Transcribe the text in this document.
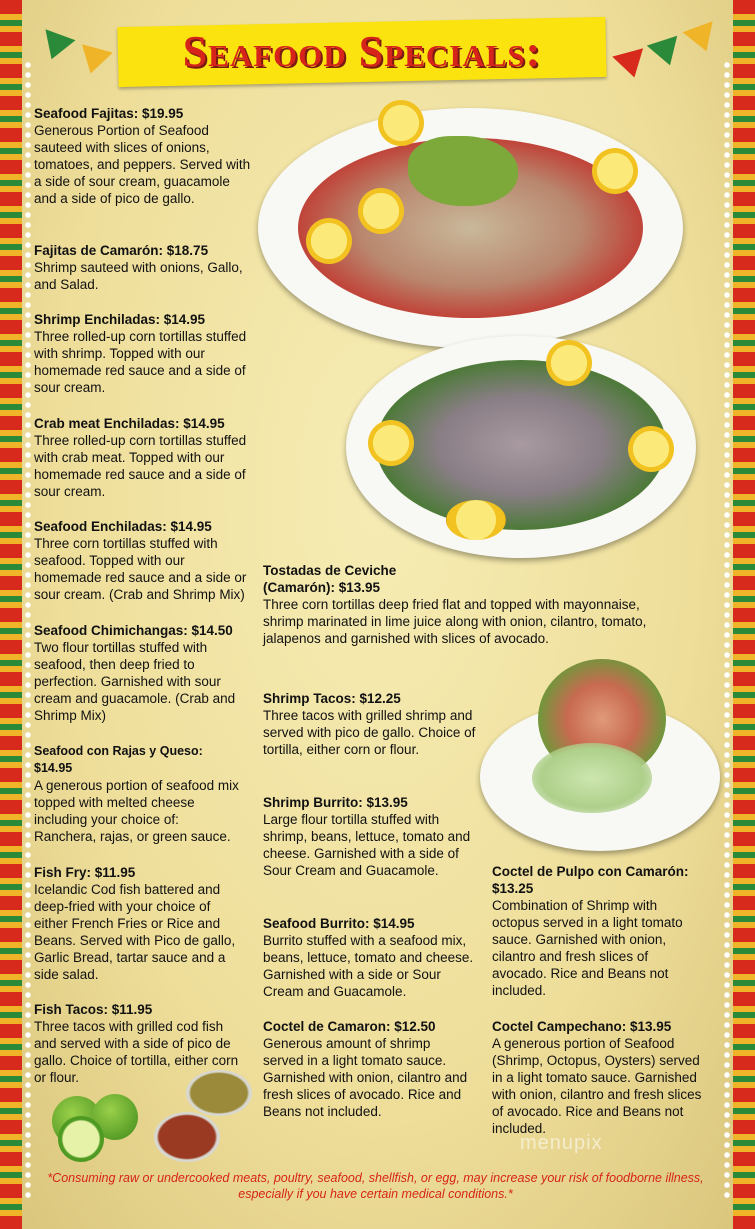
Seafood Specials:
Seafood Fajitas: $19.95
Generous Portion of Seafood sauteed with slices of onions, tomatoes, and peppers. Served with a side of sour cream, guacamole and a side of pico de gallo.
Fajitas de Camarón: $18.75
Shrimp sauteed with onions, Gallo, and Salad.
Shrimp Enchiladas: $14.95
Three rolled-up corn tortillas stuffed with shrimp. Topped with our homemade red sauce and a side of sour cream.
Crab meat Enchiladas: $14.95
Three rolled-up corn tortillas stuffed with crab meat. Topped with our homemade red sauce and a side of sour cream.
Seafood Enchiladas: $14.95
Three corn tortillas stuffed with seafood. Topped with our homemade red sauce and a side or sour cream. (Crab and Shrimp Mix)
Seafood Chimichangas: $14.50
Two flour tortillas stuffed with seafood, then deep fried to perfection. Garnished with sour cream and guacamole. (Crab and Shrimp Mix)
Seafood con Rajas y Queso: $14.95
A generous portion of seafood mix topped with melted cheese including your choice of: Ranchera, rajas, or green sauce.
Fish Fry: $11.95
Icelandic Cod fish battered and deep-fried with your choice of either French Fries or Rice and Beans. Served with Pico de gallo, Garlic Bread, tartar sauce and a side salad.
Fish Tacos: $11.95
Three tacos with grilled cod fish and served with a side of pico de gallo. Choice of tortilla, either corn or flour.
Tostadas de Ceviche (Camarón): $13.95
Three corn tortillas deep fried flat and topped with mayonnaise, shrimp marinated in lime juice along with onion, cilantro, tomato, jalapenos and garnished with slices of avocado.
Shrimp Tacos: $12.25
Three tacos with grilled shrimp and served with pico de gallo. Choice of tortilla, either corn or flour.
Shrimp Burrito: $13.95
Large flour tortilla stuffed with shrimp, beans, lettuce, tomato and cheese. Garnished with a side of Sour Cream and Guacamole.
Seafood Burrito: $14.95
Burrito stuffed with a seafood mix, beans, lettuce, tomato and cheese. Garnished with a side or Sour Cream and Guacamole.
Coctel de Camaron: $12.50
Generous amount of shrimp served in a light tomato sauce. Garnished with onion, cilantro and fresh slices of avocado. Rice and Beans not included.
Coctel de Pulpo con Camarón: $13.25
Combination of Shrimp with octopus served in a light tomato sauce. Garnished with onion, cilantro and fresh slices of avocado. Rice and Beans not included.
Coctel Campechano: $13.95
A generous portion of Seafood (Shrimp, Octopus, Oysters) served in a light tomato sauce. Garnished with onion, cilantro and fresh slices of avocado. Rice and Beans not included.
menupix
*Consuming raw or undercooked meats, poultry, seafood, shellfish, or egg, may increase your risk of foodborne illness, especially if you have certain medical conditions.*
